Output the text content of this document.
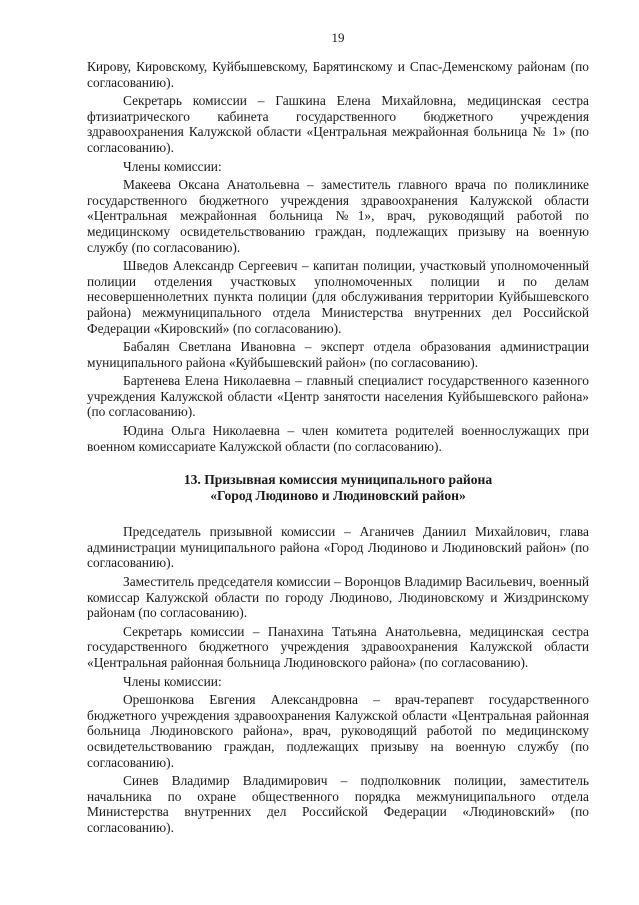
19

Кирову, Кировскому, Куйбышевскому, Барятинскому и Спас-Деменскому районам (по согласованию).

Секретарь комиссии – Гашкина Елена Михайловна, медицинская сестра фтизиатрического кабинета государственного бюджетного учреждения здравоохранения Калужской области «Центральная межрайонная больница № 1» (по согласованию).

Члены комиссии:

Макеева Оксана Анатольевна – заместитель главного врача по поликлинике государственного бюджетного учреждения здравоохранения Калужской области «Центральная межрайонная больница №1», врач, руководящий работой по медицинскому освидетельствованию граждан, подлежащих призыву на военную службу (по согласованию).

Шведов Александр Сергеевич – капитан полиции, участковый уполномоченный полиции отделения участковых уполномоченных полиции и по делам несовершеннолетних пункта полиции (для обслуживания территории Куйбышевского района) межмуниципального отдела Министерства внутренних дел Российской Федерации «Кировский» (по согласованию).

Бабалян Светлана Ивановна – эксперт отдела образования администрации муниципального района «Куйбышевский район» (по согласованию).

Бартенева Елена Николаевна – главный специалист государственного казенного учреждения Калужской области «Центр занятости населения Куйбышевского района» (по согласованию).

Юдина Ольга Николаевна – член комитета родителей военнослужащих при военном комиссариате Калужской области (по согласованию).

13. Призывная комиссия муниципального района
«Город Людиново и Людиновский район»

Председатель призывной комиссии – Аганичев Даниил Михайлович, глава администрации муниципального района «Город Людиново и Людиновский район» (по согласованию).

Заместитель председателя комиссии – Воронцов Владимир Васильевич, военный комиссар Калужской области по городу Людиново, Людиновскому и Жиздринскому районам (по согласованию).

Секретарь комиссии – Панахина Татьяна Анатольевна, медицинская сестра государственного бюджетного учреждения здравоохранения Калужской области «Центральная районная больница Людиновского района» (по согласованию).

Члены комиссии:

Орешонкова Евгения Александровна – врач-терапевт государственного бюджетного учреждения здравоохранения Калужской области «Центральная районная больница Людиновского района», врач, руководящий работой по медицинскому освидетельствованию граждан, подлежащих призыву на военную службу (по согласованию).

Синев Владимир Владимирович – подполковник полиции, заместитель начальника по охране общественного порядка межмуниципального отдела Министерства внутренних дел Российской Федерации «Людиновский» (по согласованию).
